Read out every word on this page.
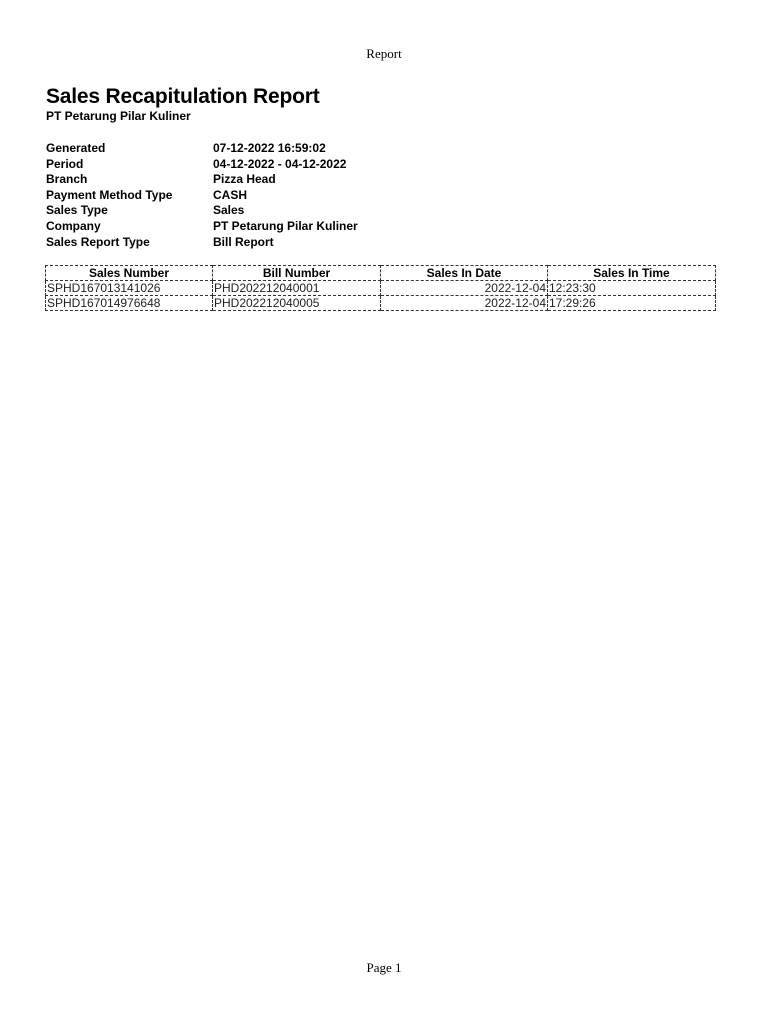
Report
Sales Recapitulation Report
PT Petarung Pilar Kuliner
Generated	07-12-2022 16:59:02
Period	04-12-2022 - 04-12-2022
Branch	Pizza Head
Payment Method Type	CASH
Sales Type	Sales
Company	PT Petarung Pilar Kuliner
Sales Report Type	Bill Report
Sales Number	Bill Number	Sales In Date	Sales In Time
SPHD167013141026	PHD202212040001	2022-12-04	12:23:30
SPHD167014976648	PHD202212040005	2022-12-04	17:29:26
Page 1
